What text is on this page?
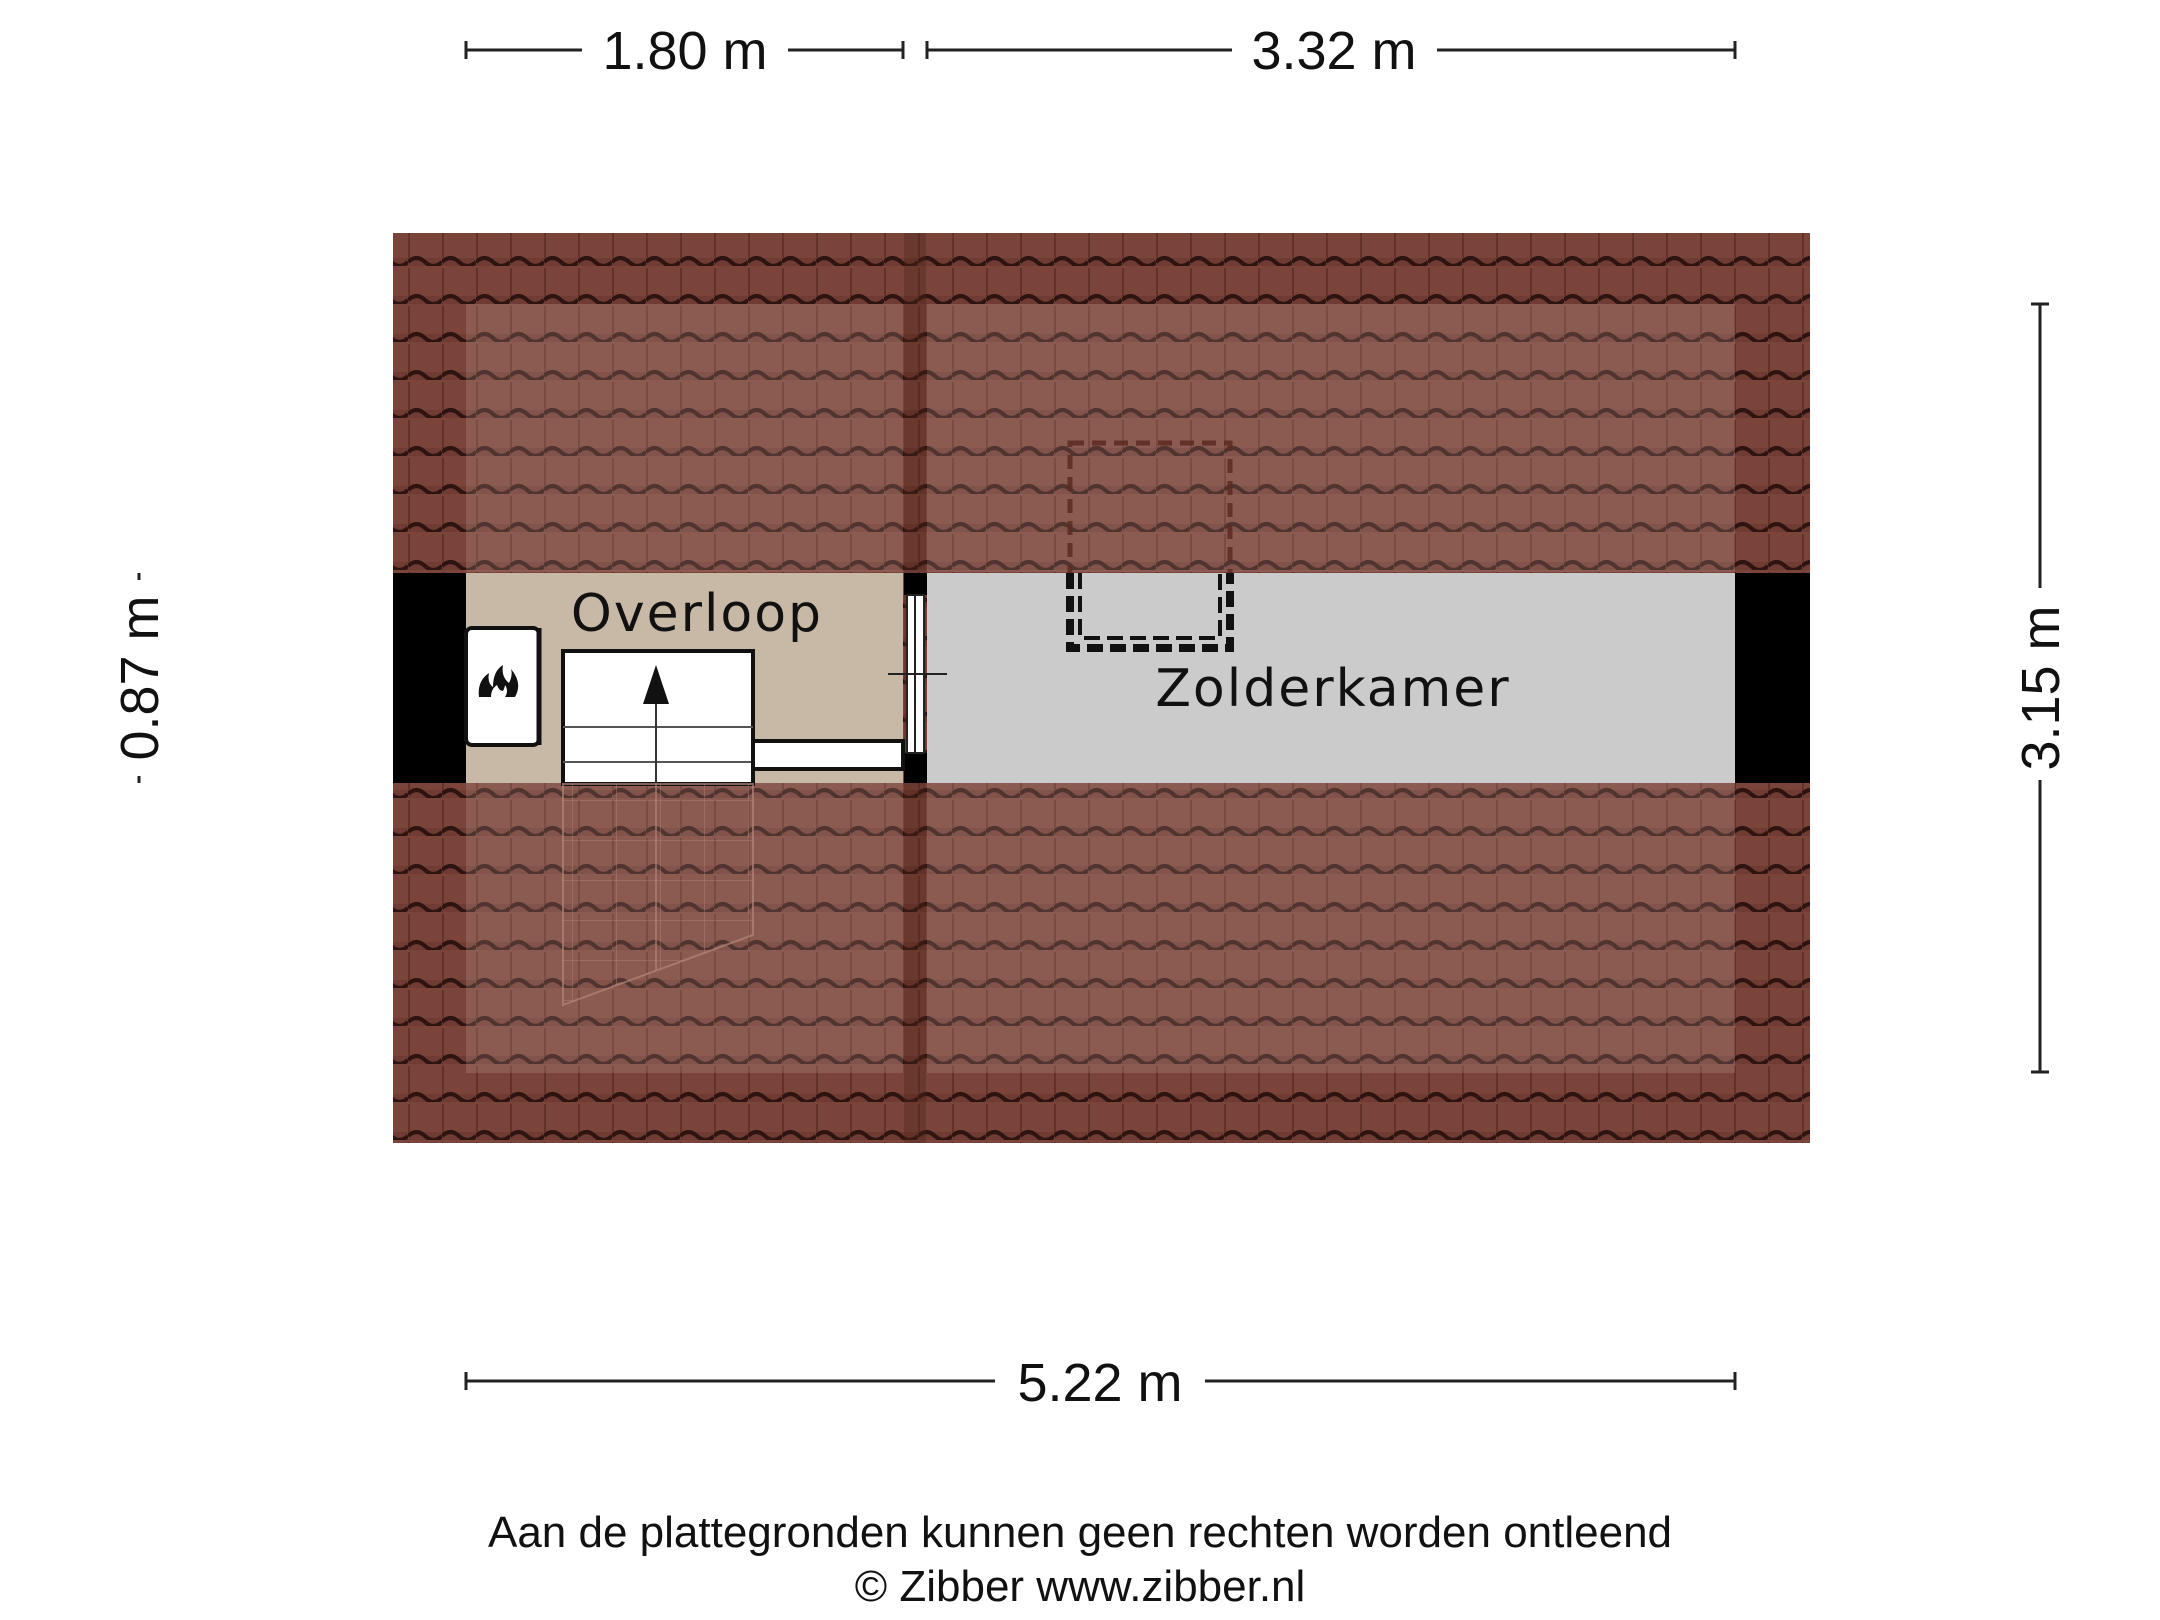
Overloop
Zolderkamer
1.80 m	3.32 m
0.87 m	3.15 m
5.22 m
Aan de plattegronden kunnen geen rechten worden ontleend
© Zibber www.zibber.nl
